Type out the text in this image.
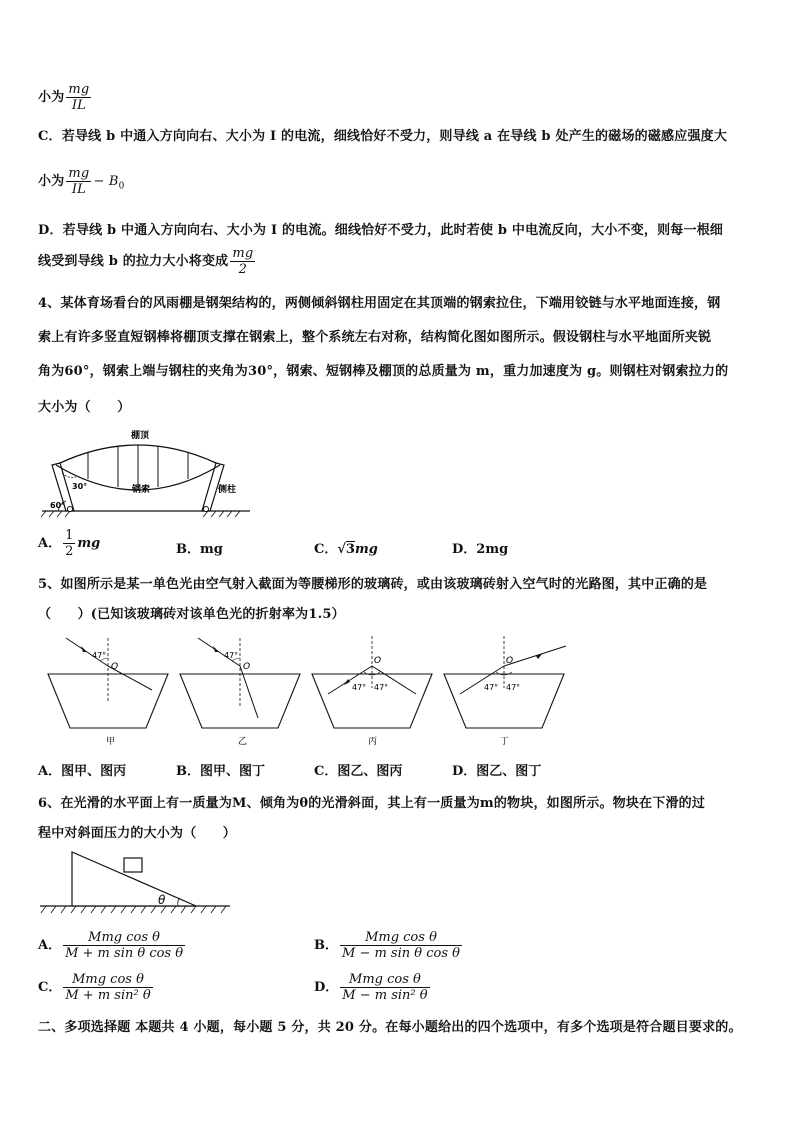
小为 $\frac{mg}{IL}$
C．若导线 b 中通入方向向右、大小为 I 的电流，细线恰好不受力，则导线 a 在导线 b 处产生的磁场的磁感应强度大
小为 $\frac{mg}{IL} - B_0$
D．若导线 b 中通入方向向右、大小为 I 的电流。细线恰好不受力，此时若使 b 中电流反向，大小不变，则每一根细
线受到导线 b 的拉力大小将变成 $\frac{mg}{2}$
4、某体育场看台的风雨棚是钢架结构的，两侧倾斜钢柱用固定在其顶端的钢索拉住，下端用铰链与水平地面连接，钢
索上有许多竖直短钢棒将棚顶支撑在钢索上，整个系统左右对称，结构简化图如图所示。假设钢柱与水平地面所夹锐
角为60°，钢索上端与钢柱的夹角为30°，钢索、短钢棒及棚顶的总质量为 m，重力加速度为 g。则钢柱对钢索拉力的
大小为（　　）
棚顶
钢索	侧柱
30°
60°
A． $\frac{1}{2}$ mg	B．mg	C．√3mg	D．2mg
5、如图所示是某一单色光由空气射入截面为等腰梯形的玻璃砖，或由该玻璃砖射入空气时的光路图，其中正确的是
（　　）(已知该玻璃砖对该单色光的折射率为1.5）
47°
O
甲
47°
O
乙
47° 47°
O
丙
47° 47°
O
丁
A．图甲、图丙	B．图甲、图丁	C．图乙、图丙	D．图乙、图丁
6、在光滑的水平面上有一质量为M、倾角为θ的光滑斜面，其上有一质量为m的物块，如图所示。物块在下滑的过
程中对斜面压力的大小为（　　）
θ
A． $\frac{\text{Mmg cos θ}}{\text{M + m sin θ cos θ}}$	B． $\frac{\text{Mmg cos θ}}{\text{M − m sin θ cos θ}}$
C． $\frac{\text{Mmg cos θ}}{\text{M + m sin² θ}}$	D． $\frac{\text{Mmg cos θ}}{\text{M − m sin² θ}}$
二、多项选择题 本题共 4 小题，每小题 5 分，共 20 分。在每小题给出的四个选项中，有多个选项是符合题目要求的。
